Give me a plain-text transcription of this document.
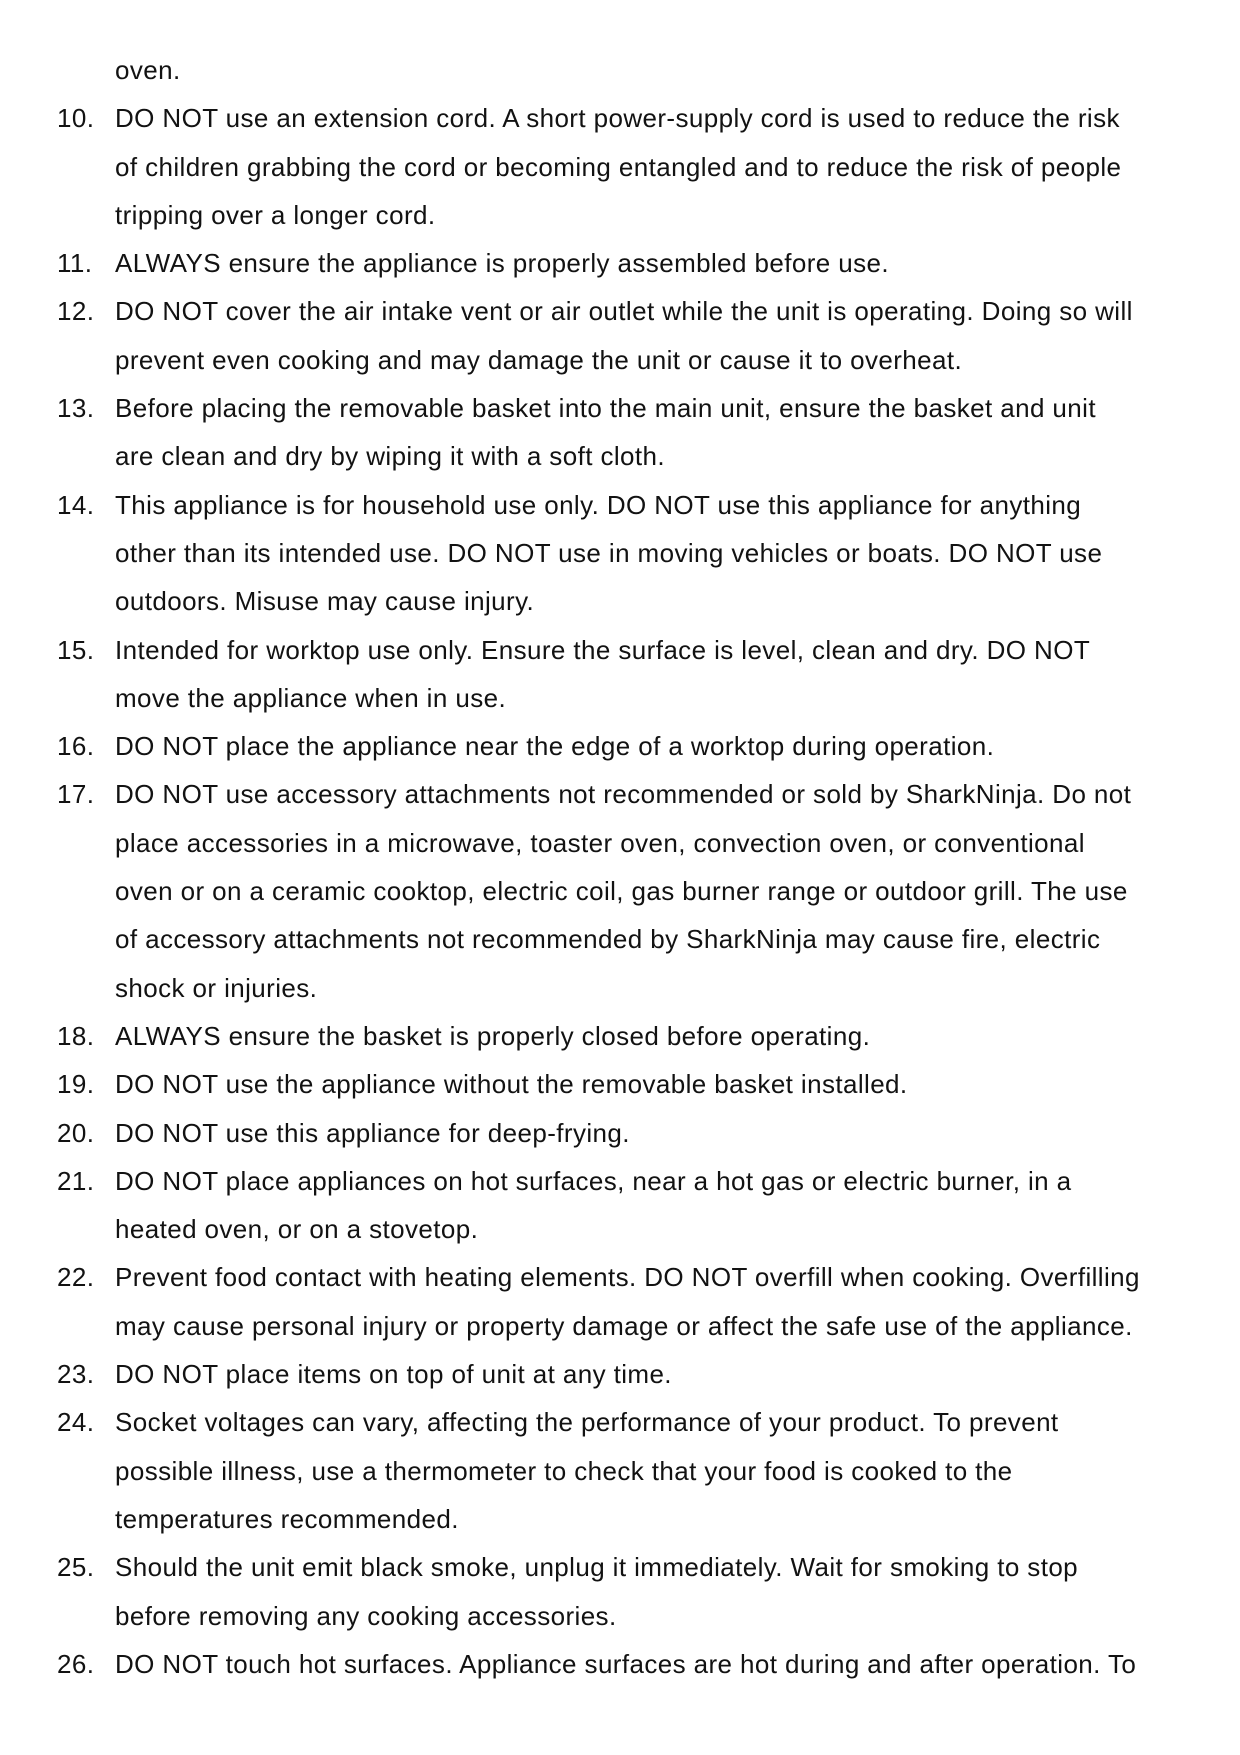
oven.
10. DO NOT use an extension cord. A short power-supply cord is used to reduce the risk
of children grabbing the cord or becoming entangled and to reduce the risk of people
tripping over a longer cord.
11. ALWAYS ensure the appliance is properly assembled before use.
12. DO NOT cover the air intake vent or air outlet while the unit is operating. Doing so will
prevent even cooking and may damage the unit or cause it to overheat.
13. Before placing the removable basket into the main unit, ensure the basket and unit
are clean and dry by wiping it with a soft cloth.
14. This appliance is for household use only. DO NOT use this appliance for anything
other than its intended use. DO NOT use in moving vehicles or boats. DO NOT use
outdoors. Misuse may cause injury.
15. Intended for worktop use only. Ensure the surface is level, clean and dry. DO NOT
move the appliance when in use.
16. DO NOT place the appliance near the edge of a worktop during operation.
17. DO NOT use accessory attachments not recommended or sold by SharkNinja. Do not
place accessories in a microwave, toaster oven, convection oven, or conventional
oven or on a ceramic cooktop, electric coil, gas burner range or outdoor grill. The use
of accessory attachments not recommended by SharkNinja may cause fire, electric
shock or injuries.
18. ALWAYS ensure the basket is properly closed before operating.
19. DO NOT use the appliance without the removable basket installed.
20. DO NOT use this appliance for deep-frying.
21. DO NOT place appliances on hot surfaces, near a hot gas or electric burner, in a
heated oven, or on a stovetop.
22. Prevent food contact with heating elements. DO NOT overfill when cooking. Overfilling
may cause personal injury or property damage or affect the safe use of the appliance.
23. DO NOT place items on top of unit at any time.
24. Socket voltages can vary, affecting the performance of your product. To prevent
possible illness, use a thermometer to check that your food is cooked to the
temperatures recommended.
25. Should the unit emit black smoke, unplug it immediately. Wait for smoking to stop
before removing any cooking accessories.
26. DO NOT touch hot surfaces. Appliance surfaces are hot during and after operation. To
